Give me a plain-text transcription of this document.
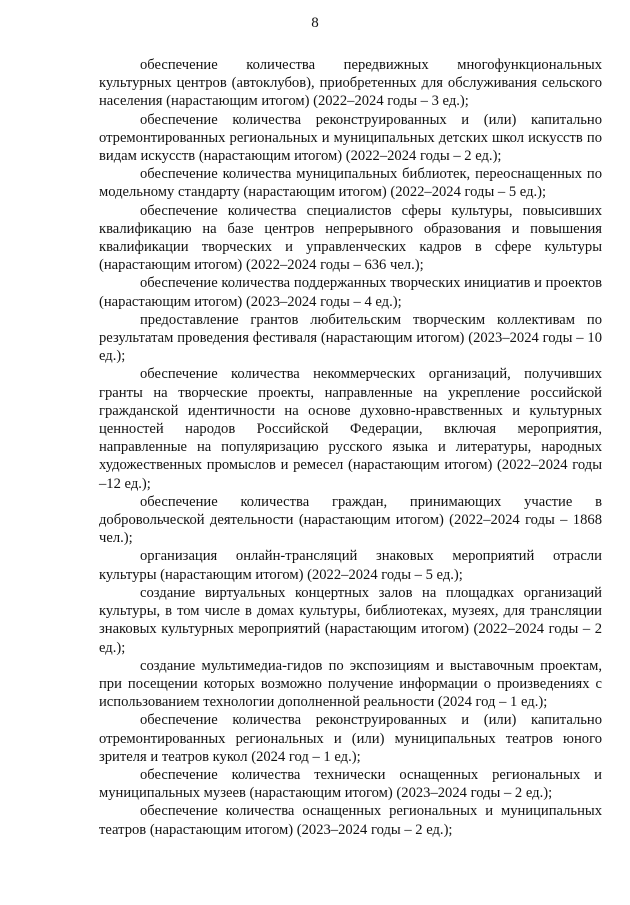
8

обеспечение количества передвижных многофункциональных культурных центров (автоклубов), приобретенных для обслуживания сельского населения (нарастающим итогом) (2022–2024 годы – 3 ед.);

обеспечение количества реконструированных и (или) капитально отремонтированных региональных и муниципальных детских школ искусств по видам искусств (нарастающим итогом) (2022–2024 годы – 2 ед.);

обеспечение количества муниципальных библиотек, переоснащенных по модельному стандарту (нарастающим итогом) (2022–2024 годы – 5 ед.);

обеспечение количества специалистов сферы культуры, повысивших квалификацию на базе центров непрерывного образования и повышения квалификации творческих и управленческих кадров в сфере культуры (нарастающим итогом) (2022–2024 годы – 636 чел.);

обеспечение количества поддержанных творческих инициатив и проектов (нарастающим итогом) (2023–2024 годы – 4 ед.);

предоставление грантов любительским творческим коллективам по результатам проведения фестиваля (нарастающим итогом) (2023–2024 годы – 10 ед.);

обеспечение количества некоммерческих организаций, получивших гранты на творческие проекты, направленные на укрепление российской гражданской идентичности на основе духовно-нравственных и культурных ценностей народов Российской Федерации, включая мероприятия, направленные на популяризацию русского языка и литературы, народных художественных промыслов и ремесел (нарастающим итогом) (2022–2024 годы –12 ед.);

обеспечение количества граждан, принимающих участие в добровольческой деятельности (нарастающим итогом) (2022–2024 годы – 1868 чел.);

организация онлайн-трансляций знаковых мероприятий отрасли культуры (нарастающим итогом) (2022–2024 годы – 5 ед.);

создание виртуальных концертных залов на площадках организаций культуры, в том числе в домах культуры, библиотеках, музеях, для трансляции знаковых культурных мероприятий (нарастающим итогом) (2022–2024 годы – 2 ед.);

создание мультимедиа-гидов по экспозициям и выставочным проектам, при посещении которых возможно получение информации о произведениях с использованием технологии дополненной реальности (2024 год – 1 ед.);

обеспечение количества реконструированных и (или) капитально отремонтированных региональных и (или) муниципальных театров юного зрителя и театров кукол (2024 год – 1 ед.);

обеспечение количества технически оснащенных региональных и муниципальных музеев (нарастающим итогом) (2023–2024 годы – 2 ед.);

обеспечение количества оснащенных региональных и муниципальных театров (нарастающим итогом) (2023–2024 годы – 2 ед.);
